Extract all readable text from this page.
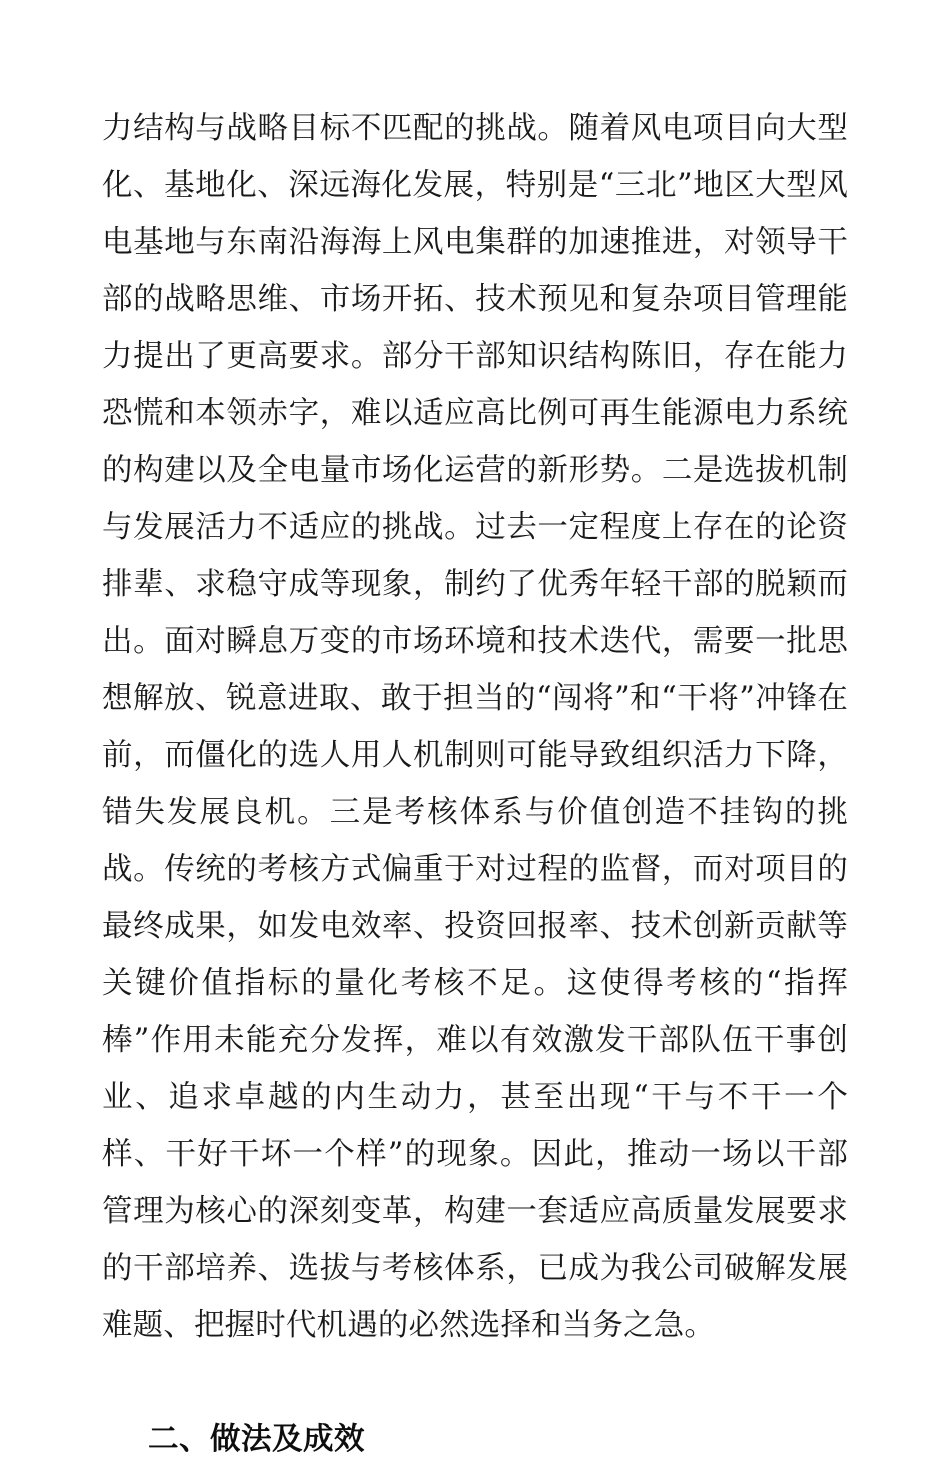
力结构与战略目标不匹配的挑战。随着风电项目向大型化、基地化、深远海化发展，特别是“三北”地区大型风电基地与东南沿海海上风电集群的加速推进，对领导干部的战略思维、市场开拓、技术预见和复杂项目管理能力提出了更高要求。部分干部知识结构陈旧，存在能力恐慌和本领赤字，难以适应高比例可再生能源电力系统的构建以及全电量市场化运营的新形势。二是选拔机制与发展活力不适应的挑战。过去一定程度上存在的论资排辈、求稳守成等现象，制约了优秀年轻干部的脱颖而出。面对瞬息万变的市场环境和技术迭代，需要一批思想解放、锐意进取、敢于担当的“闯将”和“干将”冲锋在前，而僵化的选人用人机制则可能导致组织活力下降，错失发展良机。三是考核体系与价值创造不挂钩的挑战。传统的考核方式偏重于对过程的监督，而对项目的最终成果，如发电效率、投资回报率、技术创新贡献等关键价值指标的量化考核不足。这使得考核的“指挥棒”作用未能充分发挥，难以有效激发干部队伍干事创业、追求卓越的内生动力，甚至出现“干与不干一个样、干好干坏一个样”的现象。因此，推动一场以干部管理为核心的深刻变革，构建一套适应高质量发展要求的干部培养、选拔与考核体系，已成为我公司破解发展难题、把握时代机遇的必然选择和当务之急。

二、做法及成效
